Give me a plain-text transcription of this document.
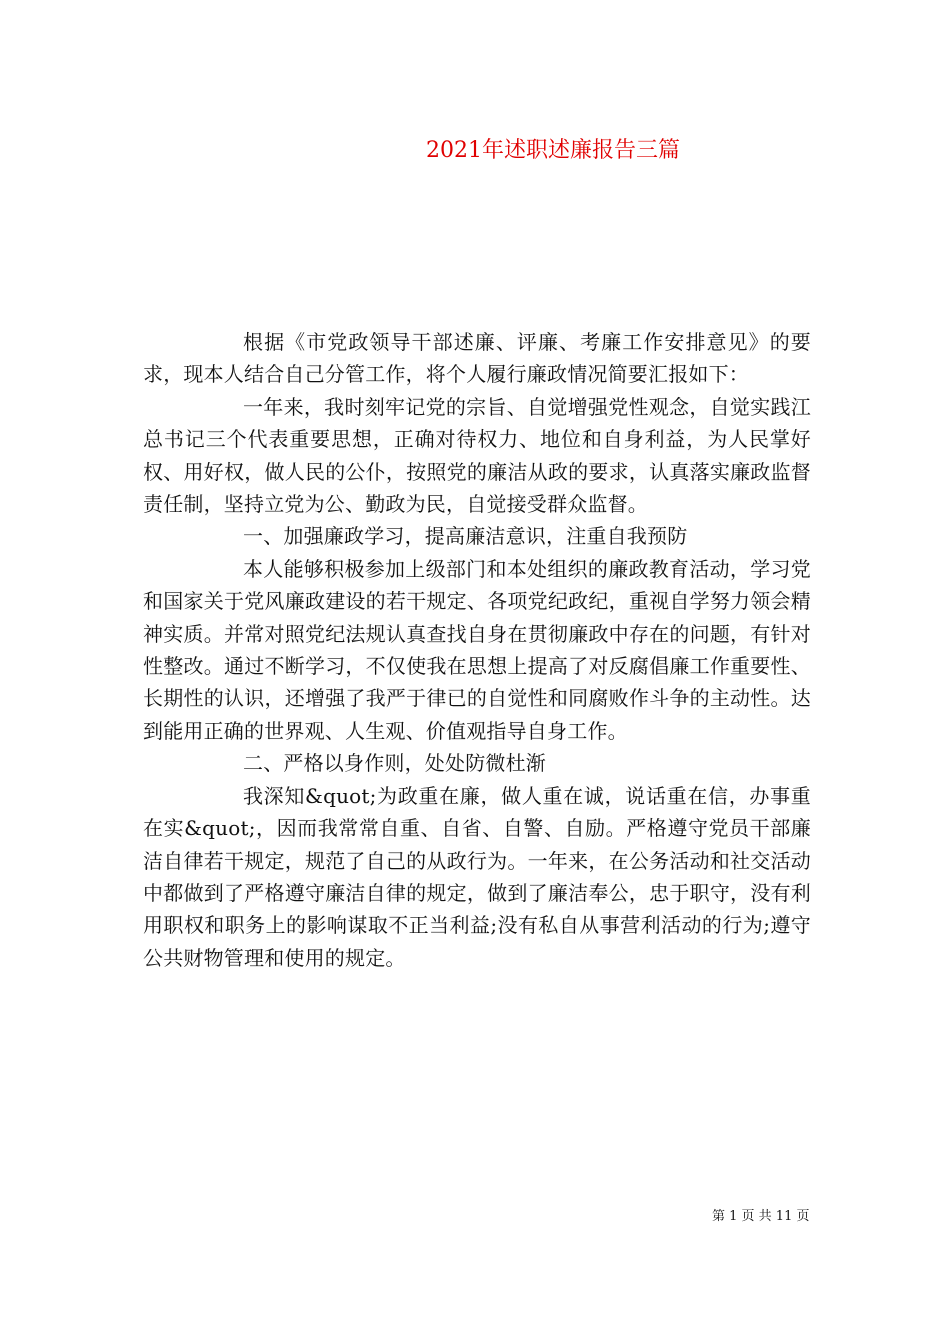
2021年述职述廉报告三篇

根据《市党政领导干部述廉、评廉、考廉工作安排意见》的要求，现本人结合自己分管工作，将个人履行廉政情况简要汇报如下：

一年来，我时刻牢记党的宗旨、自觉增强党性观念，自觉实践江总书记三个代表重要思想，正确对待权力、地位和自身利益，为人民掌好权、用好权，做人民的公仆，按照党的廉洁从政的要求，认真落实廉政监督责任制，坚持立党为公、勤政为民，自觉接受群众监督。

一、加强廉政学习，提高廉洁意识，注重自我预防

本人能够积极参加上级部门和本处组织的廉政教育活动，学习党和国家关于党风廉政建设的若干规定、各项党纪政纪，重视自学努力领会精神实质。并常对照党纪法规认真查找自身在贯彻廉政中存在的问题，有针对性整改。通过不断学习，不仅使我在思想上提高了对反腐倡廉工作重要性、长期性的认识，还增强了我严于律已的自觉性和同腐败作斗争的主动性。达到能用正确的世界观、人生观、价值观指导自身工作。

二、严格以身作则，处处防微杜渐

我深知&quot;为政重在廉，做人重在诚，说话重在信，办事重在实&quot;，因而我常常自重、自省、自警、自励。严格遵守党员干部廉洁自律若干规定，规范了自己的从政行为。一年来，在公务活动和社交活动中都做到了严格遵守廉洁自律的规定，做到了廉洁奉公，忠于职守，没有利用职权和职务上的影响谋取不正当利益;没有私自从事营利活动的行为;遵守公共财物管理和使用的规定。

第 1 页 共 11 页
